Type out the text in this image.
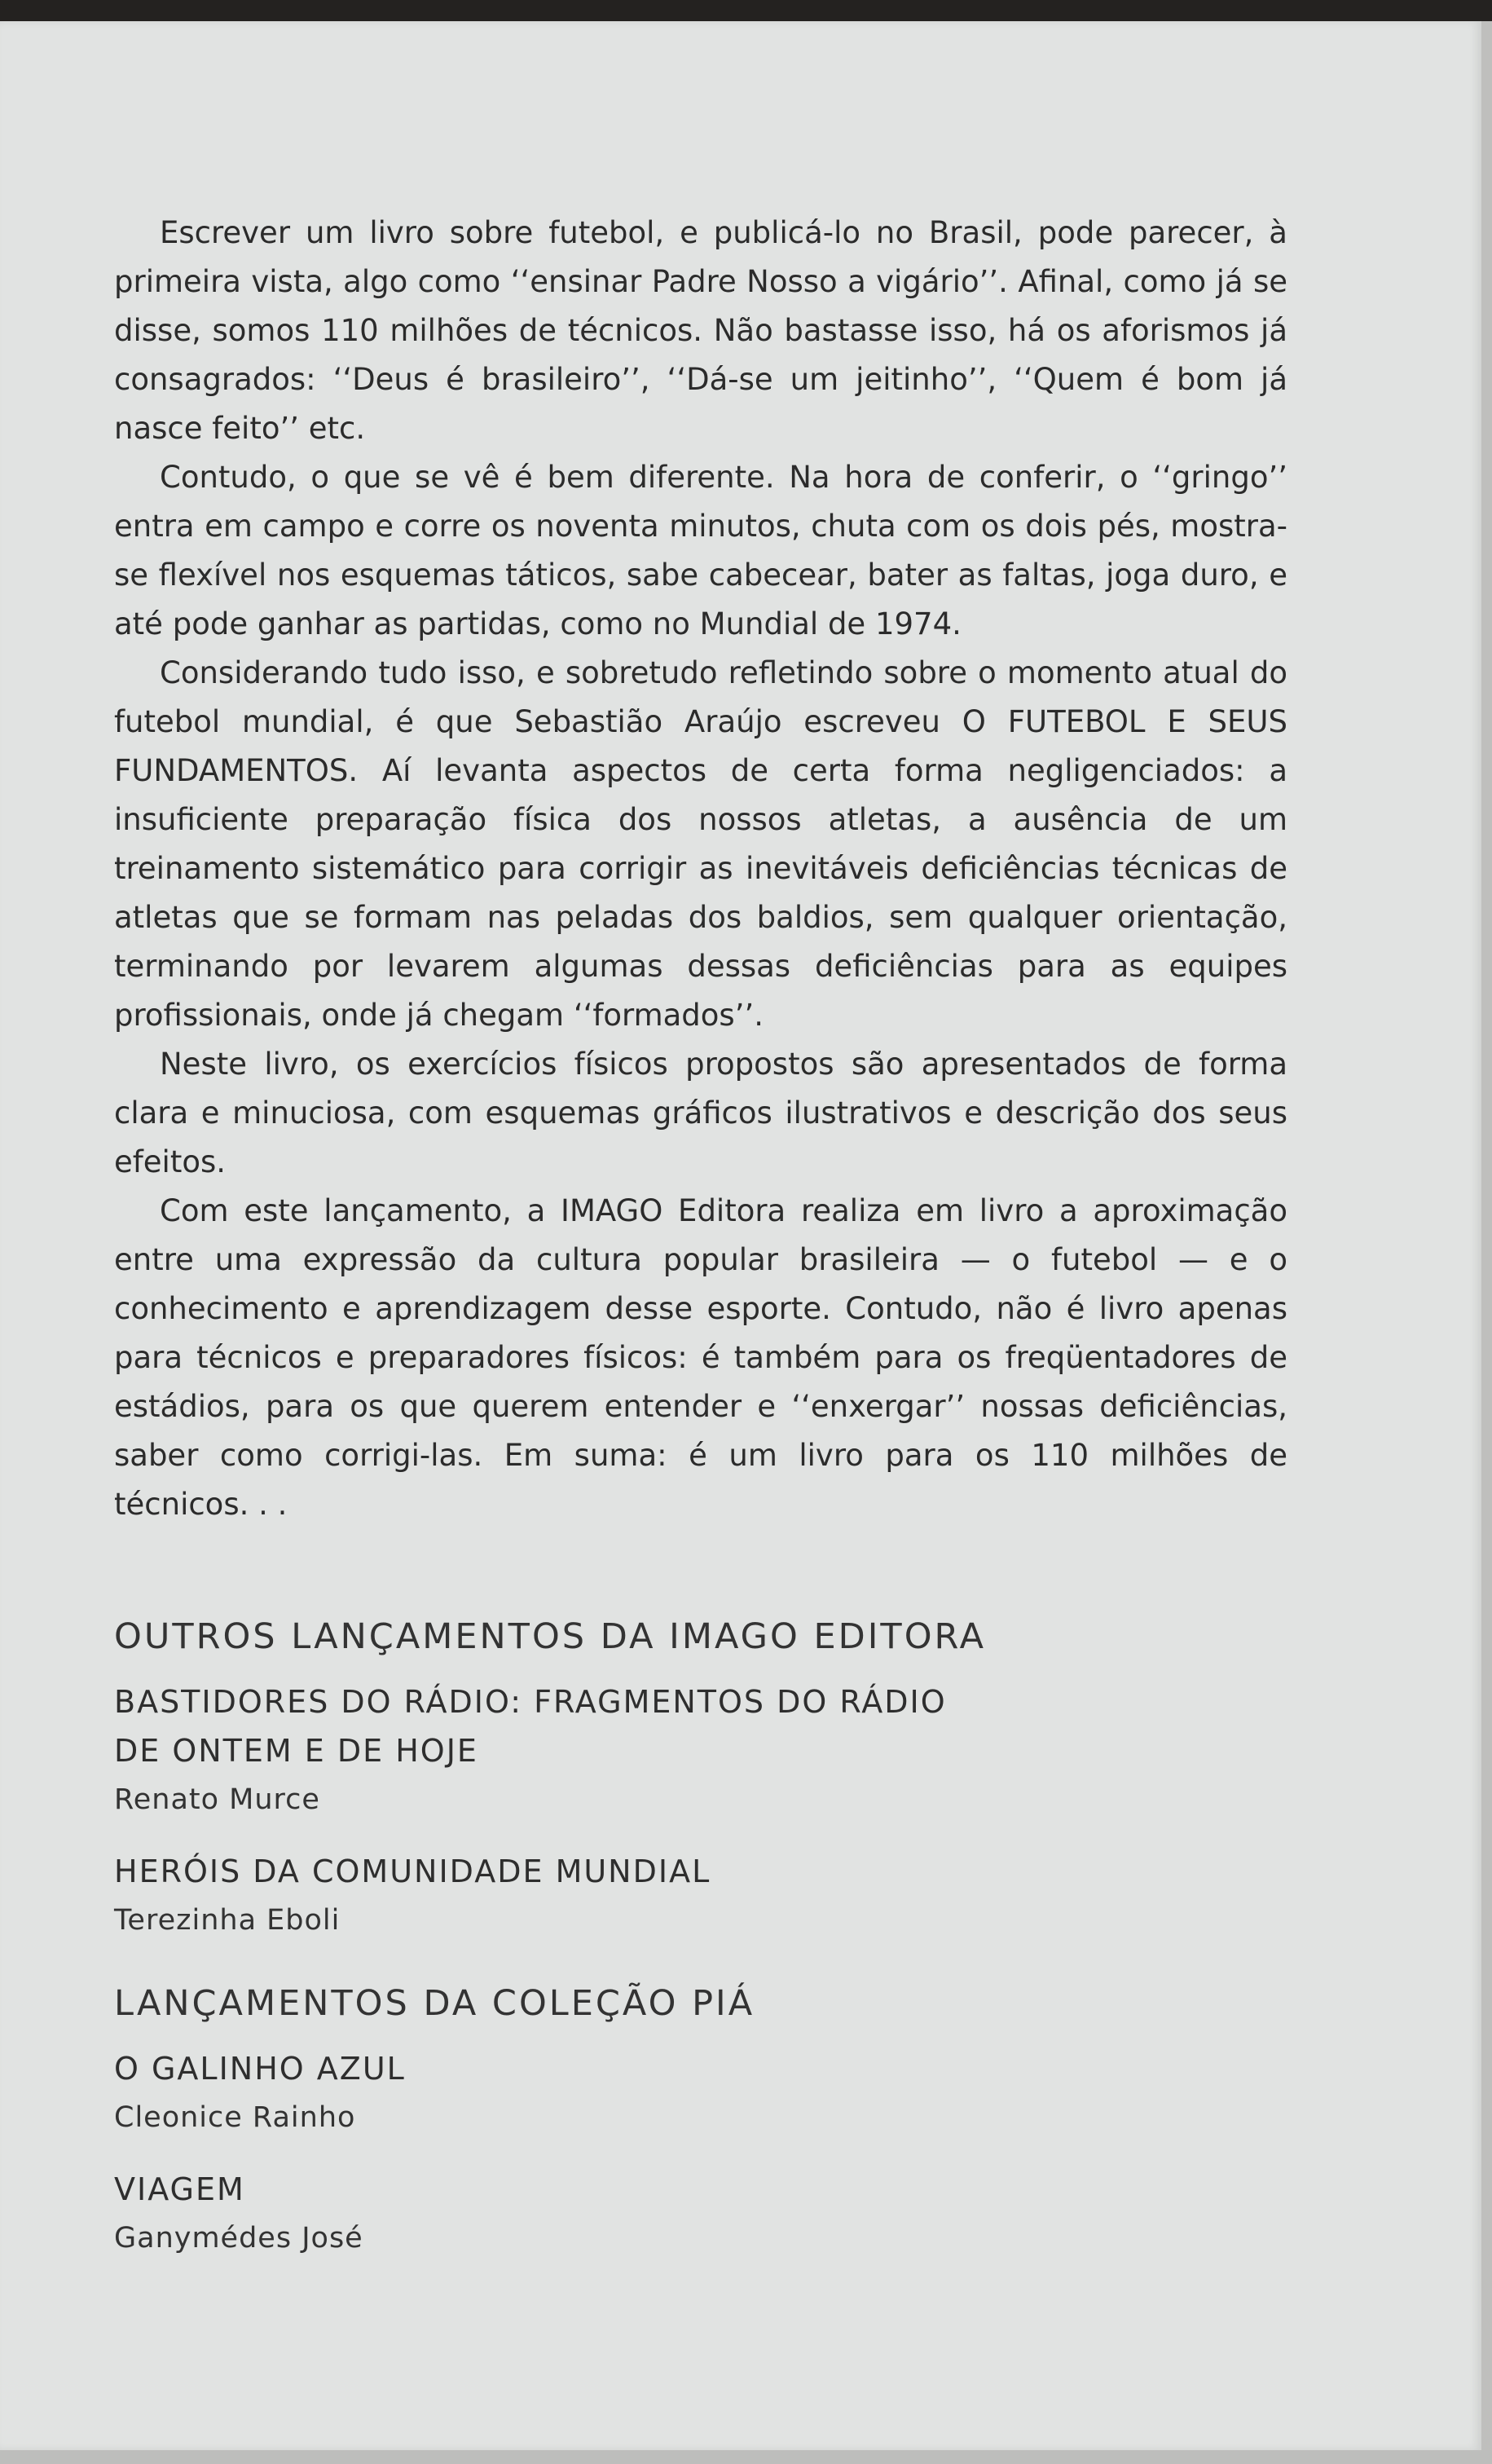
Escrever um livro sobre futebol, e publicá-lo no Brasil, pode parecer, à primeira vista, algo como ‘‘ensinar Padre Nosso a vigário’’. Afinal, como já se disse, somos 110 milhões de técnicos. Não bastasse isso, há os aforismos já consagrados: ‘‘Deus é brasileiro’’, ‘‘Dá-se um jeitinho’’, ‘‘Quem é bom já nasce feito’’ etc.

Contudo, o que se vê é bem diferente. Na hora de conferir, o ‘‘gringo’’ entra em campo e corre os noventa minutos, chuta com os dois pés, mostra-se flexível nos esquemas táticos, sabe cabecear, bater as faltas, joga duro, e até pode ganhar as partidas, como no Mundial de 1974.

Considerando tudo isso, e sobretudo refletindo sobre o momento atual do futebol mundial, é que Sebastião Araújo escreveu O FUTEBOL E SEUS FUNDAMENTOS. Aí levanta aspectos de certa forma negligenciados: a insuficiente preparação física dos nossos atletas, a ausência de um treinamento sistemático para corrigir as inevitáveis deficiências técnicas de atletas que se formam nas peladas dos baldios, sem qualquer orientação, terminando por levarem algumas dessas deficiências para as equipes profissionais, onde já chegam ‘‘formados’’.

Neste livro, os exercícios físicos propostos são apresentados de forma clara e minuciosa, com esquemas gráficos ilustrativos e descrição dos seus efeitos.

Com este lançamento, a IMAGO Editora realiza em livro a aproximação entre uma expressão da cultura popular brasileira — o futebol — e o conhecimento e aprendizagem desse esporte. Contudo, não é livro apenas para técnicos e preparadores físicos: é também para os freqüentadores de estádios, para os que querem entender e ‘‘enxergar’’ nossas deficiências, saber como corrigi-las. Em suma: é um livro para os 110 milhões de técnicos. . .

OUTROS LANÇAMENTOS DA IMAGO EDITORA
BASTIDORES DO RÁDIO: FRAGMENTOS DO RÁDIO
DE ONTEM E DE HOJE
Renato Murce
HERÓIS DA COMUNIDADE MUNDIAL
Terezinha Eboli
LANÇAMENTOS DA COLEÇÃO PIÁ
O GALINHO AZUL
Cleonice Rainho
VIAGEM
Ganymédes José
